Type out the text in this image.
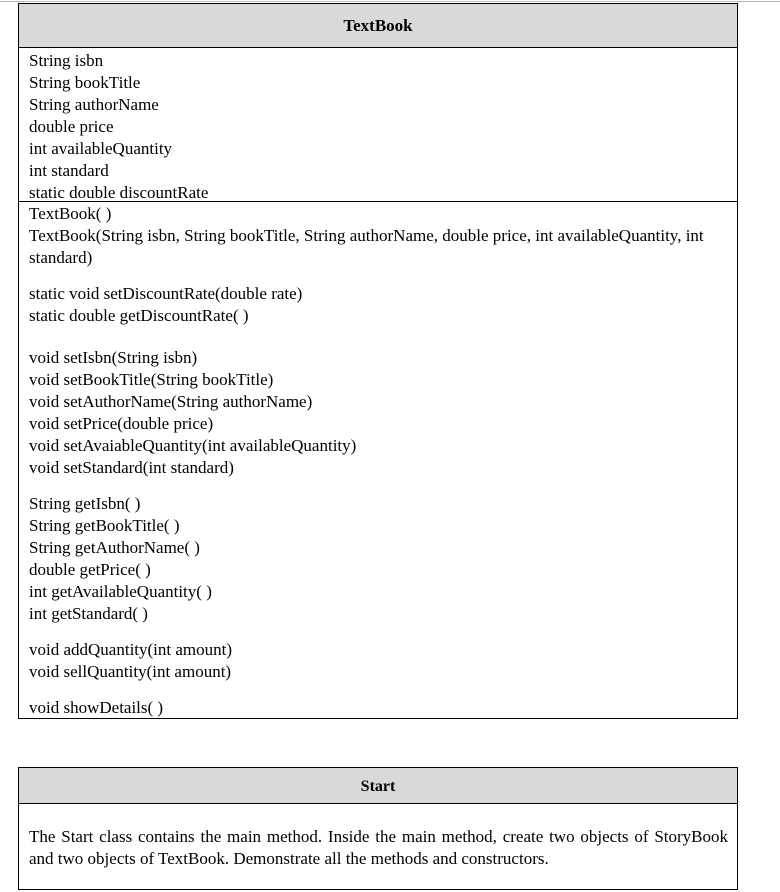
TextBook
String isbn
String bookTitle
String authorName
double price
int availableQuantity
int standard
static double discountRate
TextBook( )
TextBook(String isbn, String bookTitle, String authorName, double price, int availableQuantity, int standard)
static void setDiscountRate(double rate)
static double getDiscountRate( )
void setIsbn(String isbn)
void setBookTitle(String bookTitle)
void setAuthorName(String authorName)
void setPrice(double price)
void setAvaiableQuantity(int availableQuantity)
void setStandard(int standard)
String getIsbn( )
String getBookTitle( )
String getAuthorName( )
double getPrice( )
int getAvailableQuantity( )
int getStandard( )
void addQuantity(int amount)
void sellQuantity(int amount)
void showDetails( )
Start
The Start class contains the main method. Inside the main method, create two objects of StoryBook and two objects of TextBook. Demonstrate all the methods and constructors.
